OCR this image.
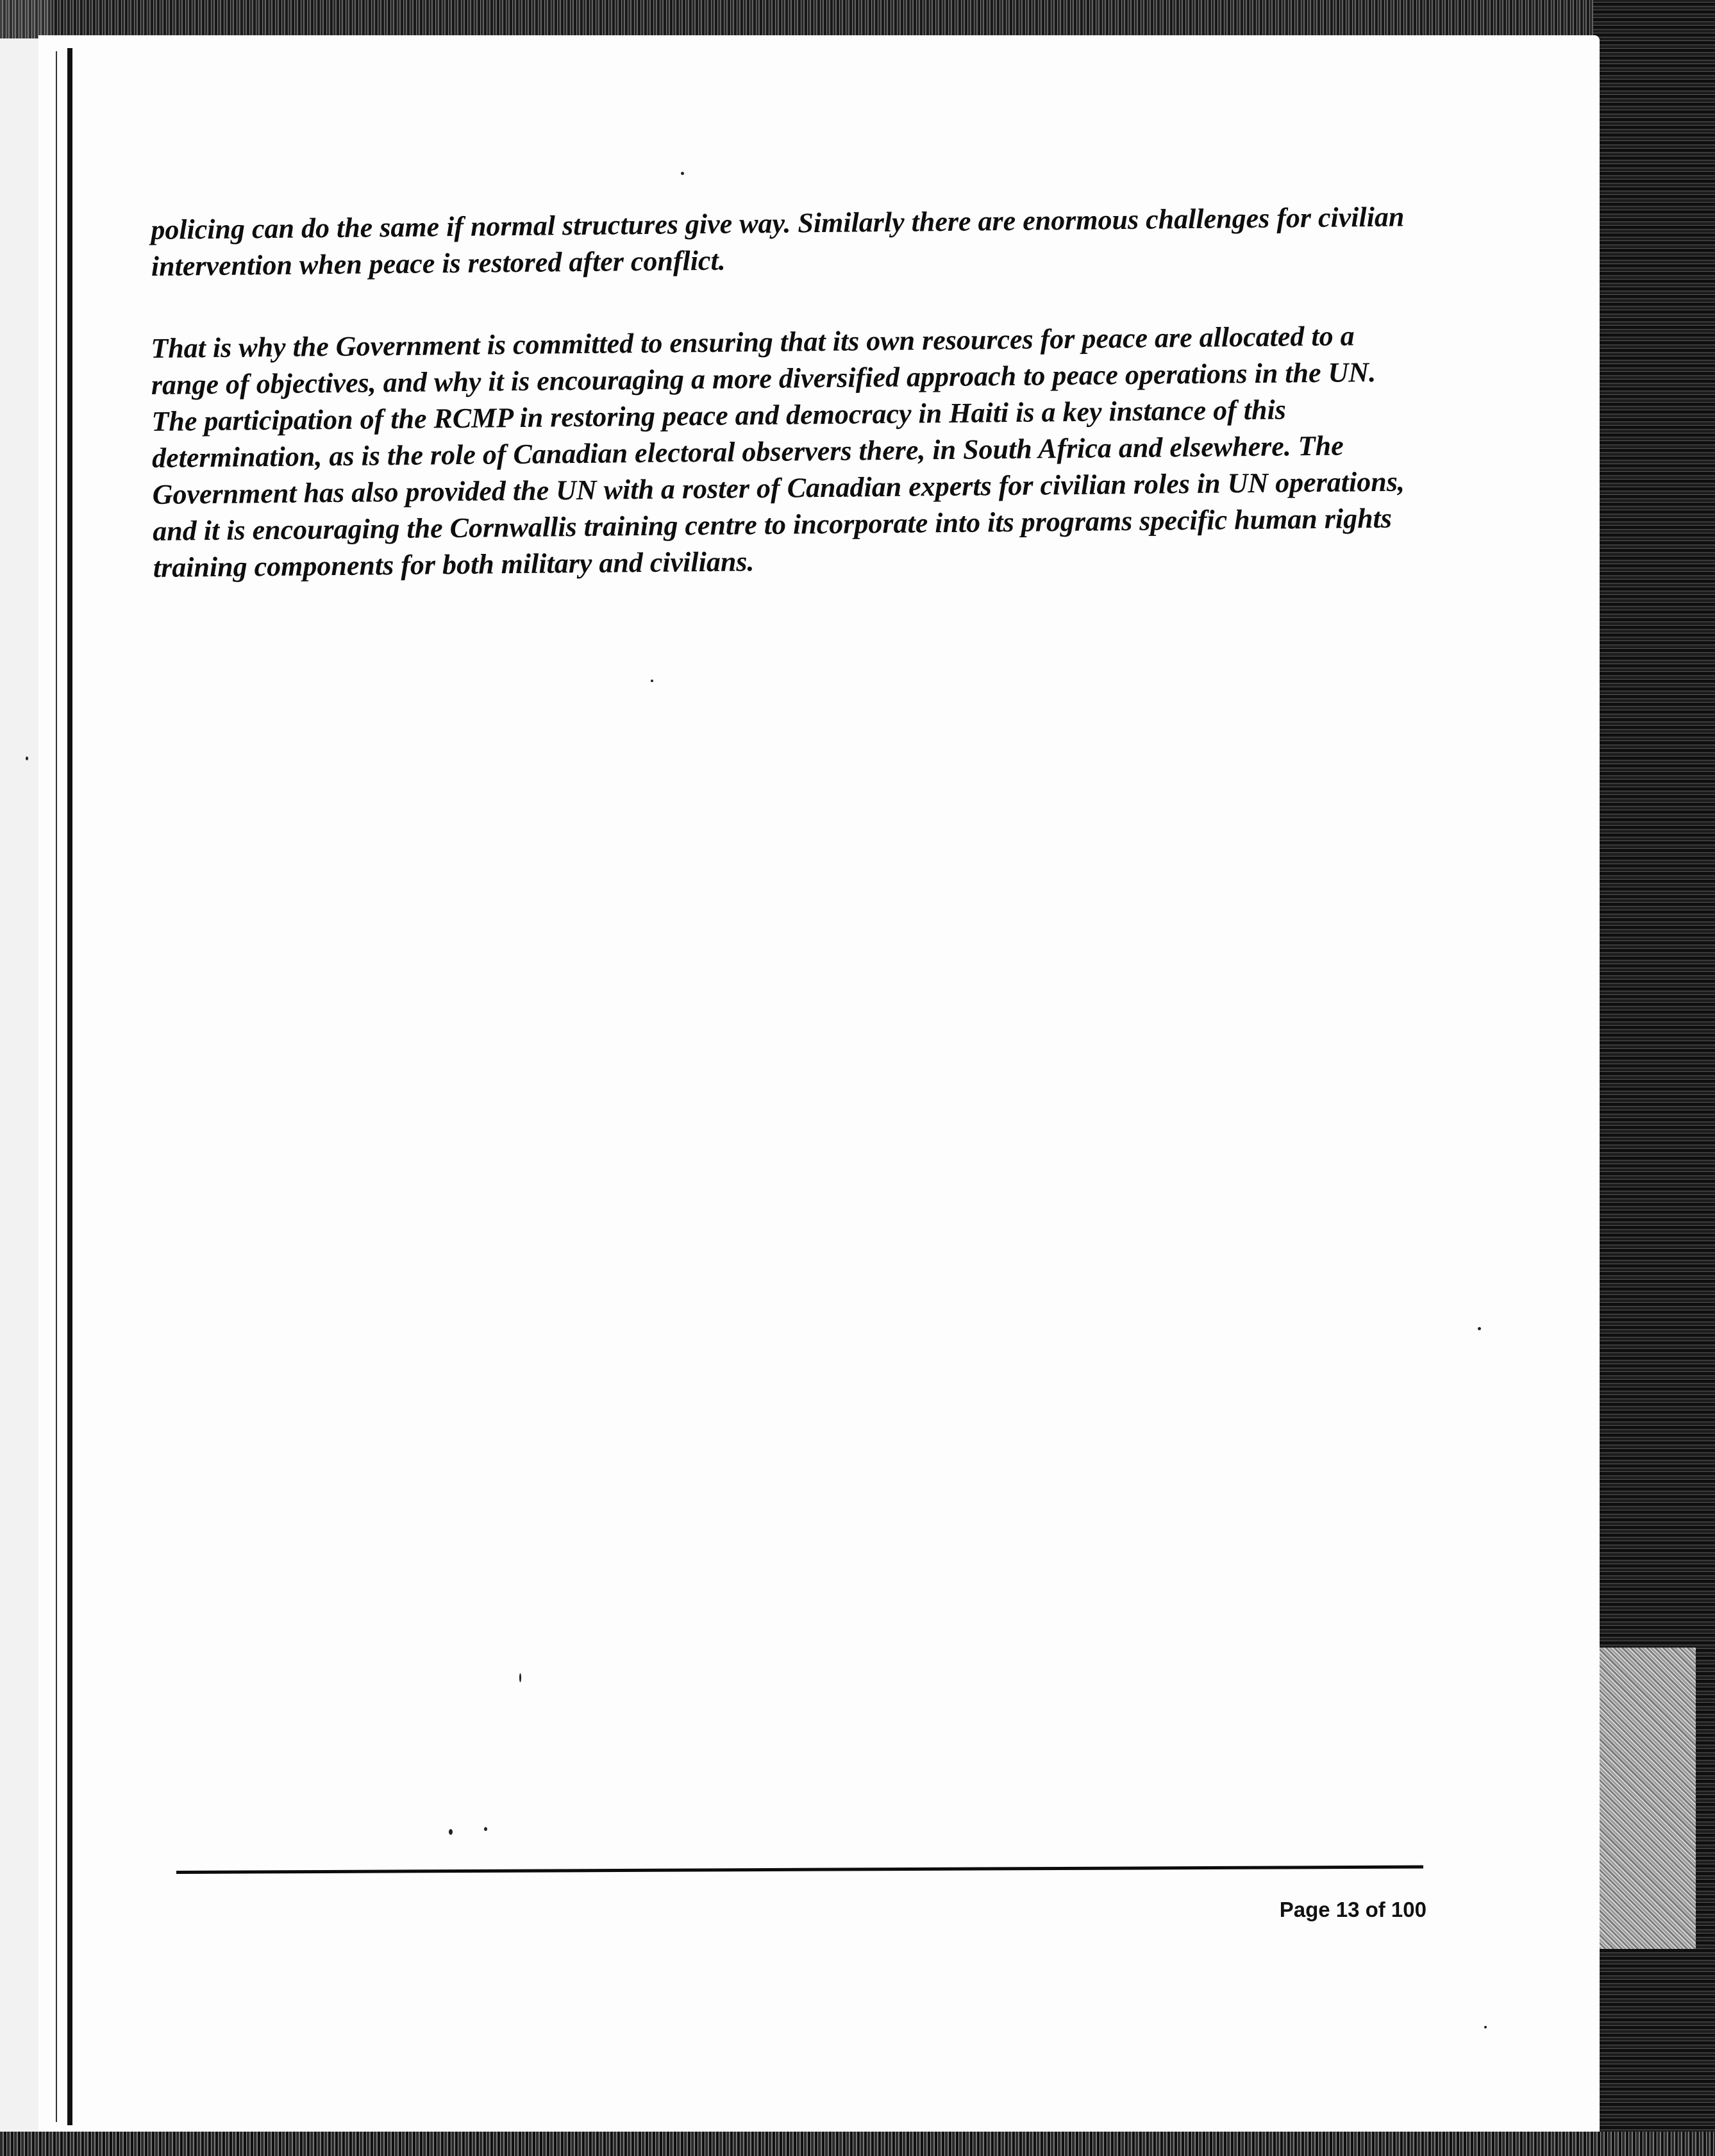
policing can do the same if normal structures give way. Similarly there are enormous challenges for civilian intervention when peace is restored after conflict.

That is why the Government is committed to ensuring that its own resources for peace are allocated to a range of objectives, and why it is encouraging a more diversified approach to peace operations in the UN. The participation of the RCMP in restoring peace and democracy in Haiti is a key instance of this determination, as is the role of Canadian electoral observers there, in South Africa and elsewhere. The Government has also provided the UN with a roster of Canadian experts for civilian roles in UN operations, and it is encouraging the Cornwallis training centre to incorporate into its programs specific human rights training components for both military and civilians.

Page 13 of 100
